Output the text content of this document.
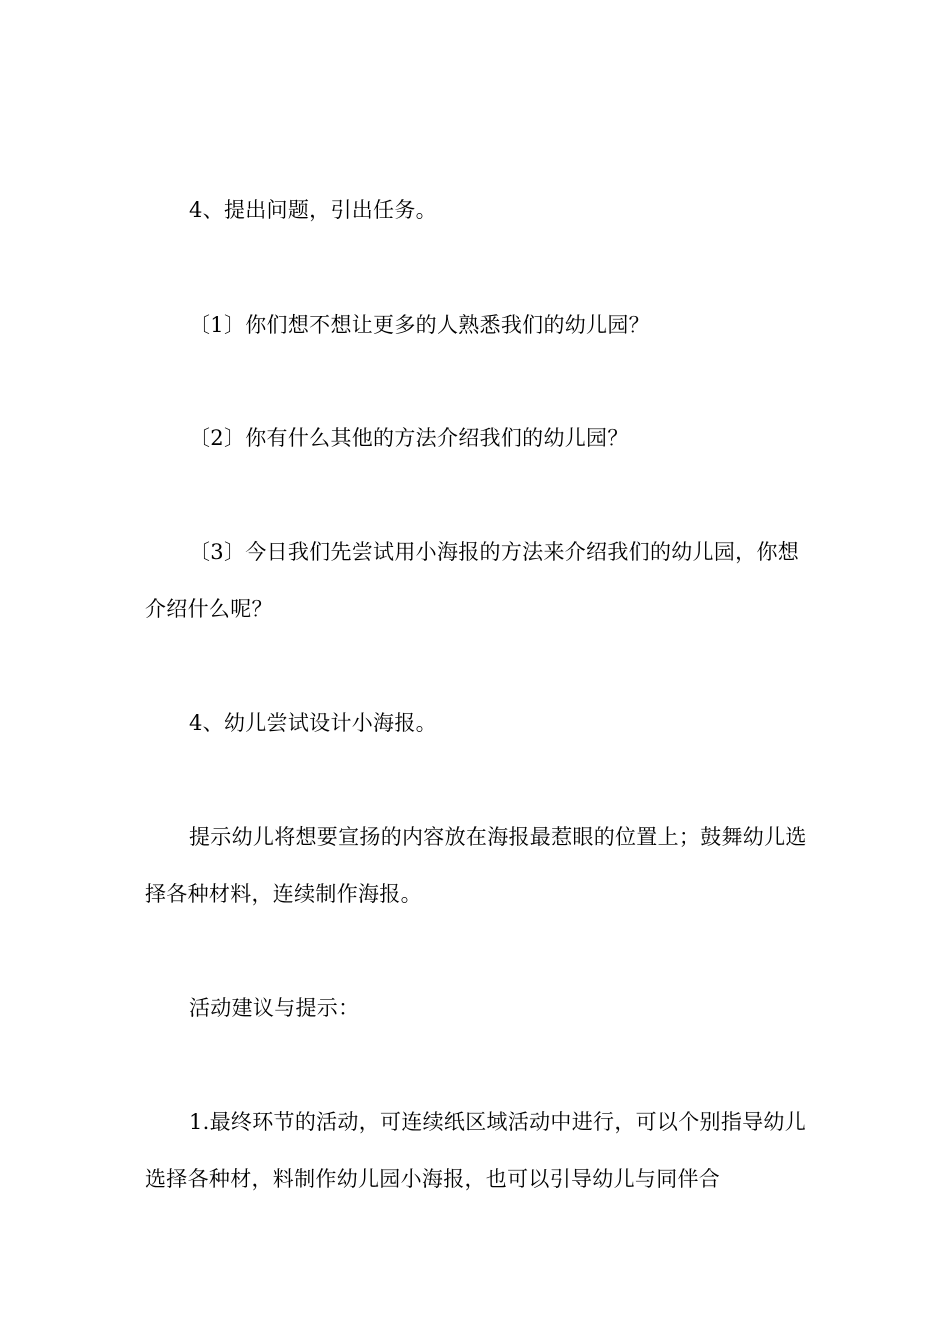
4、提出问题，引出任务。

〔1〕你们想不想让更多的人熟悉我们的幼儿园？

〔2〕你有什么其他的方法介绍我们的幼儿园？

〔3〕今日我们先尝试用小海报的方法来介绍我们的幼儿园，你想介绍什么呢？

4、幼儿尝试设计小海报。

提示幼儿将想要宣扬的内容放在海报最惹眼的位置上；鼓舞幼儿选择各种材料，连续制作海报。

活动建议与提示：

1.最终环节的活动，可连续纸区域活动中进行，可以个别指导幼儿选择各种材，料制作幼儿园小海报，也可以引导幼儿与同伴合
